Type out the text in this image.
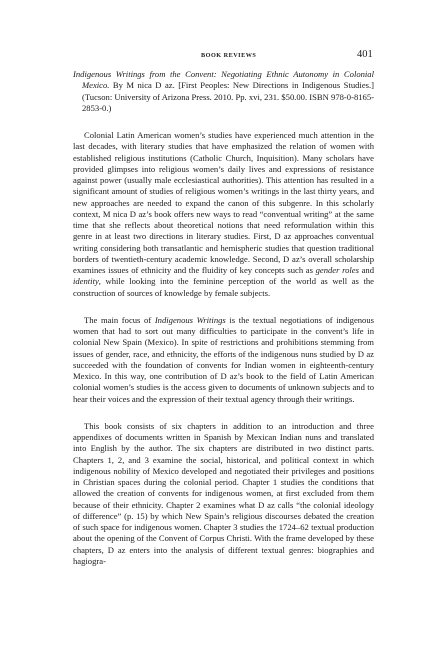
BOOK REVIEWS	401

Indigenous Writings from the Convent: Negotiating Ethnic Autonomy in Colonial Mexico. By M nica D az. [First Peoples: New Directions in Indigenous Studies.] (Tucson: University of Arizona Press. 2010. Pp. xvi, 231. $50.00. ISBN 978-0-8165-2853-0.)

Colonial Latin American women’s studies have experienced much attention in the last decades, with literary studies that have emphasized the relation of women with established religious institutions (Catholic Church, Inquisition). Many scholars have provided glimpses into religious women’s daily lives and expressions of resistance against power (usually male ecclesiastical authorities). This attention has resulted in a significant amount of studies of religious women’s writings in the last thirty years, and new approaches are needed to expand the canon of this subgenre. In this scholarly context, M nica D az’s book offers new ways to read “conventual writing” at the same time that she reflects about theoretical notions that need reformulation within this genre in at least two directions in literary studies. First, D az approaches conventual writing considering both transatlantic and hemispheric studies that question traditional borders of twentieth-century academic knowledge. Second, D az’s overall scholarship examines issues of ethnicity and the fluidity of key concepts such as gender roles and identity, while looking into the feminine perception of the world as well as the construction of sources of knowledge by female subjects.

The main focus of Indigenous Writings is the textual negotiations of indigenous women that had to sort out many difficulties to participate in the convent’s life in colonial New Spain (Mexico). In spite of restrictions and prohibitions stemming from issues of gender, race, and ethnicity, the efforts of the indigenous nuns studied by D az succeeded with the foundation of convents for Indian women in eighteenth-century Mexico. In this way, one contribution of D az’s book to the field of Latin American colonial women’s studies is the access given to documents of unknown subjects and to hear their voices and the expression of their textual agency through their writings.

This book consists of six chapters in addition to an introduction and three appendixes of documents written in Spanish by Mexican Indian nuns and translated into English by the author. The six chapters are distributed in two distinct parts. Chapters 1, 2, and 3 examine the social, historical, and political context in which indigenous nobility of Mexico developed and negotiated their privileges and positions in Christian spaces during the colonial period. Chapter 1 studies the conditions that allowed the creation of convents for indigenous women, at first excluded from them because of their ethnicity. Chapter 2 examines what D az calls “the colonial ideology of difference” (p. 15) by which New Spain’s religious discourses debated the creation of such space for indigenous women. Chapter 3 studies the 1724–62 textual production about the opening of the Convent of Corpus Christi. With the frame developed by these chapters, D az enters into the analysis of different textual genres: biographies and hagiogra-
